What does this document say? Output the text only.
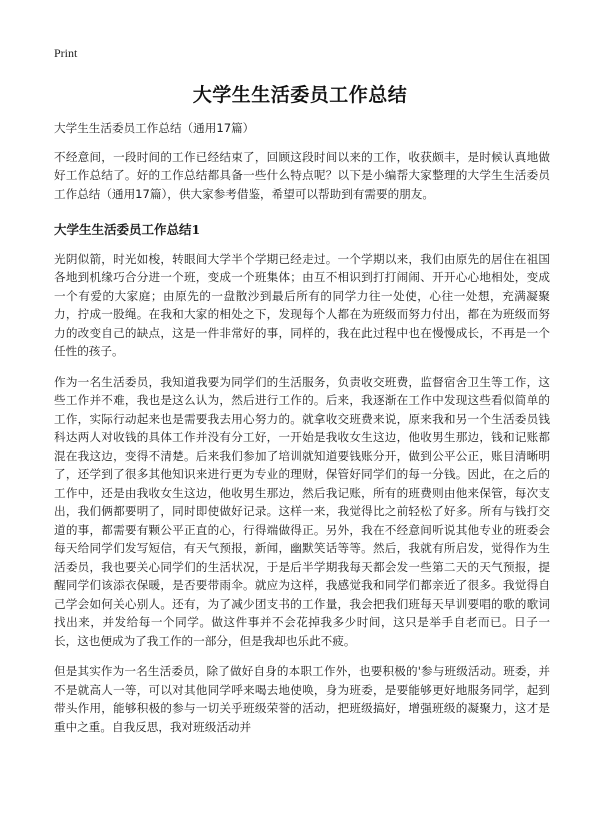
Print
大学生生活委员工作总结

大学生生活委员工作总结（通用17篇）

不经意间，一段时间的工作已经结束了，回顾这段时间以来的工作，收获颇丰，是时候认真地做好工作总结了。好的工作总结都具备一些什么特点呢？以下是小编帮大家整理的大学生生活委员工作总结（通用17篇），供大家参考借鉴，希望可以帮助到有需要的朋友。

大学生生活委员工作总结1

光阴似箭，时光如梭，转眼间大学半个学期已经走过。一个学期以来，我们由原先的居住在祖国各地到机缘巧合分进一个班，变成一个班集体；由互不相识到打打闹闹、开开心心地相处，变成一个有爱的大家庭；由原先的一盘散沙到最后所有的同学力往一处使，心往一处想，充满凝聚力，拧成一股绳。在我和大家的相处之下，发现每个人都在为班级而努力付出，都在为班级而努力的改变自己的缺点，这是一件非常好的事，同样的，我在此过程中也在慢慢成长，不再是一个任性的孩子。

作为一名生活委员，我知道我要为同学们的生活服务，负责收交班费，监督宿舍卫生等工作，这些工作并不难，我也是这么认为，然后进行工作的。后来，我逐渐在工作中发现这些看似简单的工作，实际行动起来也是需要我去用心努力的。就拿收交班费来说，原来我和另一个生活委员钱科达两人对收钱的具体工作并没有分工好，一开始是我收女生这边，他收男生那边，钱和记账都混在我这边，变得不清楚。后来我们参加了培训就知道要钱账分开，做到公平公正，账目清晰明了，还学到了很多其他知识来进行更为专业的理财，保管好同学们的每一分钱。因此，在之后的工作中，还是由我收女生这边，他收男生那边，然后我记账，所有的班费则由他来保管，每次支出，我们俩都要明了，同时即使做好记录。这样一来，我觉得比之前轻松了好多。所有与钱打交道的事，都需要有颗公平正直的心，行得端做得正。另外，我在不经意间听说其他专业的班委会每天给同学们发写短信，有天气预报，新闻，幽默笑话等等。然后，我就有所启发，觉得作为生活委员，我也要关心同学们的生活状况，于是后半学期我每天都会发一些第二天的天气预报，提醒同学们该添衣保暖，是否要带雨伞。就应为这样，我感觉我和同学们都亲近了很多。我觉得自己学会如何关心别人。还有，为了减少团支书的工作量，我会把我们班每天早训要唱的歌的歌词找出来，并发给每一个同学。做这件事并不会花掉我多少时间，这只是举手自老而已。日子一长，这也便成为了我工作的一部分，但是我却也乐此不疲。

但是其实作为一名生活委员，除了做好自身的本职工作外，也要积极的'参与班级活动。班委，并不是就高人一等，可以对其他同学呼来喝去地使唤，身为班委，是要能够更好地服务同学，起到带头作用，能够积极的参与一切关乎班级荣誉的活动，把班级搞好，增强班级的凝聚力，这才是重中之重。自我反思，我对班级活动并
